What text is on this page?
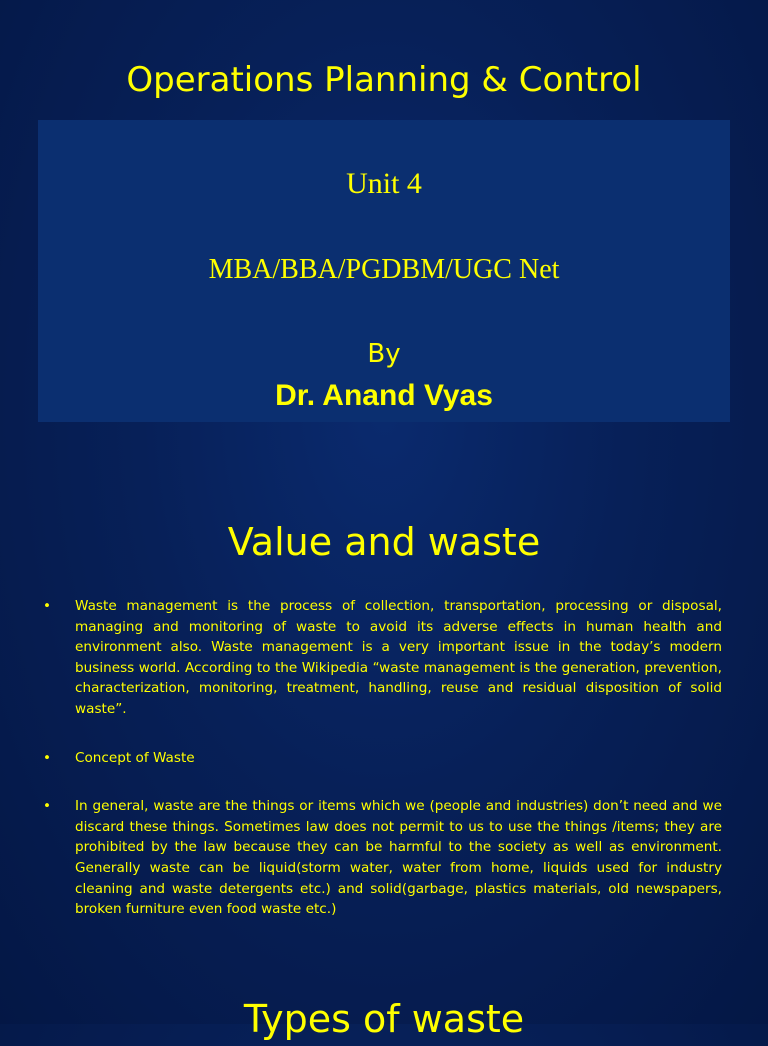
Operations Planning & Control
Unit 4
MBA/BBA/PGDBM/UGC Net
By
Dr. Anand Vyas
Value and waste
• Waste management is the process of collection, transportation, processing or disposal, managing and monitoring of waste to avoid its adverse effects in human health and environment also. Waste management is a very important issue in the today’s modern business world. According to the Wikipedia “waste management is the generation, prevention, characterization, monitoring, treatment, handling, reuse and residual disposition of solid waste”.
• Concept of Waste
• In general, waste are the things or items which we (people and industries) don’t need and we discard these things. Sometimes law does not permit to us to use the things /items; they are prohibited by the law because they can be harmful to the society as well as environment. Generally waste can be liquid(storm water, water from home, liquids used for industry cleaning and waste detergents etc.) and solid(garbage, plastics materials, old newspapers, broken furniture even food waste etc.)
Types of waste
